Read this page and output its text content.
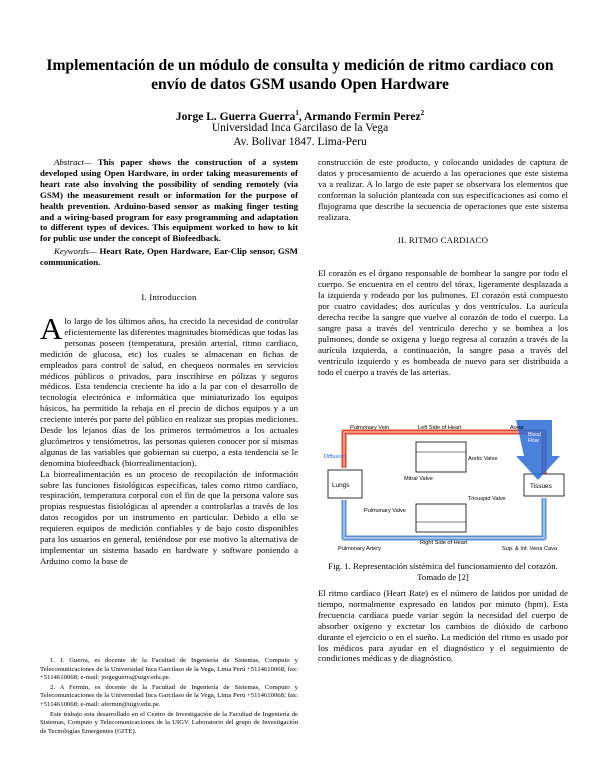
Implementación de un módulo de consulta y medición de ritmo cardiaco con envío de datos GSM usando Open Hardware
Jorge L. Guerra Guerra$^1$, Armando Fermin Perez$^2$
Universidad Inca Garcilaso de la Vega
Av. Bolivar 1847. Lima-Peru

Abstract— This paper shows the construction of a system developed using Open Hardware, in order taking measurements of heart rate also involving the possibility of sending remotely (via GSM) the measurement result or information for the purpose of health prevention. Arduino-based sensor as making finger testing and a wiring-based program for easy programming and adaptation to different types of devices. This equipment worked to how to kit for public use under the concept of Biofeedback.

Keywords— Heart Rate, Open Hardware, Ear-Clip sensor, GSM communication.

I. Introduccion

A lo largo de los últimos años, ha crecido la necesidad de controlar eficientemente las diferentes magnitudes biomédicas que todas las personas poseen (temperatura, presión arterial, ritmo cardiaco, medición de glucosa, etc) los cuales se almacenan en fichas de empleados para control de salud, en chequeos normales en servicios médicos públicos o privados, para inscribirse en pólizas y seguros médicos. Esta tendencia creciente ha ido a la par con el desarrollo de tecnología electrónica e informática que miniaturizado los equipos básicos, ha permitido la rebaja en el precio de dichos equipos y a un creciente interés por parte del público en realizar sus propias mediciones. Desde los lejanos días de los primeros termómetros a los actuales glucómetros y tensiómetros, las personas quieren conocer por sí mismas algunas de las variables que gobiernan su cuerpo, a esta tendencia se le denomina biofeedback (biorrealimentacion).

La biorrealimentación es un proceso de recopilación de información sobre las funciones fisiológicas específicas, tales como ritmo cardíaco, respiración, temperatura corporal con el fin de que la persona valore sus propias respuestas fisiológicas al aprender a controlarlas a través de los datos recogidos por un instrumento en particular. Debido a ello se requieren equipos de medición confiables y de bajo costo disponibles para los usuarios en general, teniéndose por ese motivo la alternativa de implementar un sistema basado en hardware y software poniendo a Arduino como la base de

1. J. Guerra, es docente de la Facultad de Ingeniería de Sistemas, Computo y Telecomunicaciones de la Universidad Inca Garcilaso de la Vega, Lima Perú +5114610068; fax: +5114610068; e-mail: jorgeguerra@uigv.edu.pe.

2. A Fermin, es docente de la Facultad de Ingeniería de Sistemas, Computo y Telecomunicaciones de la Universidad Inca Garcilaso de la Vega, Lima Perú +5114610068; fax: +5114610068; e-mail: afermin@uigv.edu.pe.

Este trabajo esta desarrollado en el Centro de Investigación de la Facultad de Ingeniería de Sistemas, Computo y Telecomunicaciones de la UIGV. Laboratorio del grupo de Investigación de Tecnologías Emergentes (GITE).

construcción de este producto, y colocando unidades de captura de datos y procesamiento de acuerdo a las operaciones que este sistema va a realizar. A lo largo de este paper se observara los elementos que conforman la solución planteada con sus especificaciones así como el flujograma que describe la secuencia de operaciones que este sistema realizara.

II. RITMO CARDIACO

El corazón es el órgano responsable de bombear la sangre por todo el cuerpo. Se encuentra en el centro del tórax, ligeramente desplazada a la izquierda y rodeado por los pulmones. El corazón está compuesto por cuatro cavidades; dos aurículas y dos ventrículos. La aurícula derecha recibe la sangre que vuelve al corazón de todo el cuerpo. La sangre pasa a través del ventrículo derecho y se bombea a los pulmones, donde se oxigena y luego regresa al corazón a través de la aurícula izquierda, a continuación, la sangre pasa a través del ventrículo izquierdo y es bombeada de nuevo para ser distribuida a todo el cuerpo a través de las arterias.

Left Side of Heart
Pulmonary Vein	Aorta
Blood Flow
Diffusion
Mitral Valve
Aortic Valve
Lungs	Tissues
Pulmonary Valve
Tricuspid Valve
Pulmonary Artery
Right Side of Heart
Sup. & Inf. Vena Cava
Fig. 1. Representación sistémica del funcionamiento del corazón. Tomado de [2]

El ritmo cardíaco (Heart Rate) es el número de latidos por unidad de tiempo, normalmente expresado en latidos por minuto (bpm). Esta frecuencia cardíaca puede variar según la necesidad del cuerpo de absorber oxígeno y excretar los cambios de dióxido de carbono durante el ejercicio o en el sueño. La medición del ritmo es usado por los médicos para ayudar en el diagnóstico y el seguimiento de condiciones médicas y de diagnóstico.
